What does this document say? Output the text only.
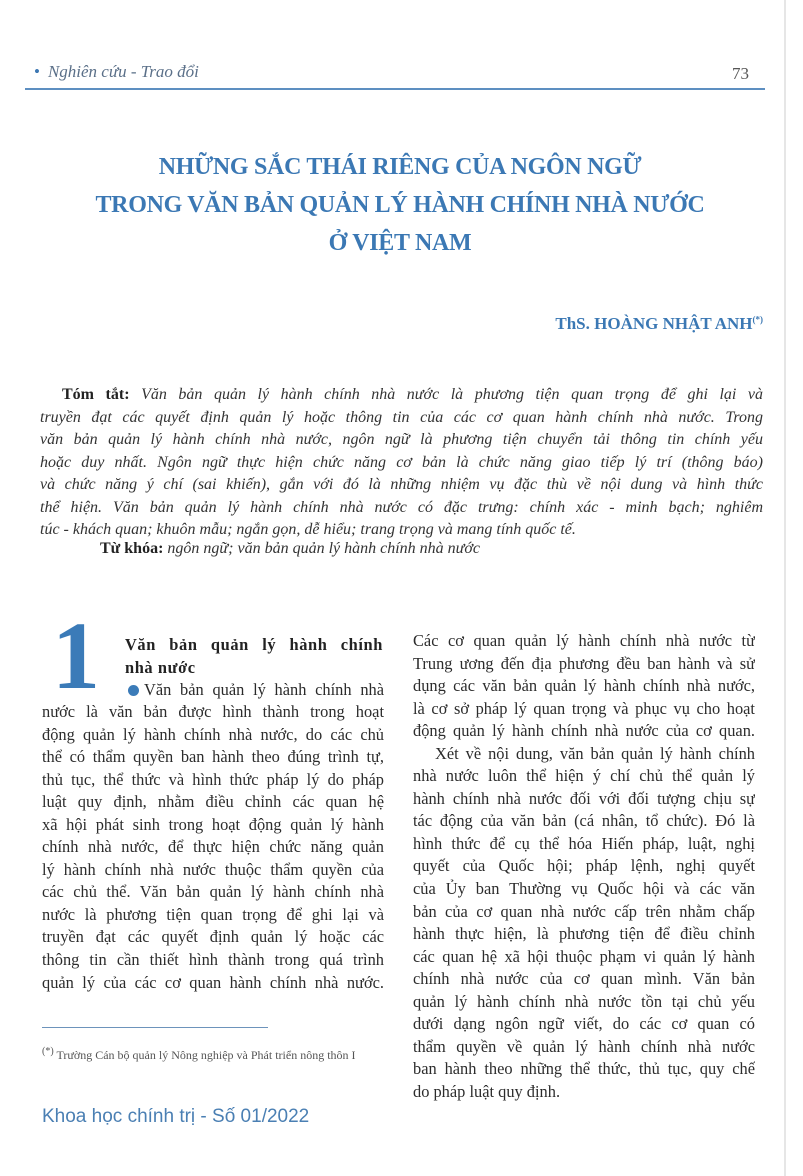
• Nghiên cứu - Trao đổi	73
NHỮNG SẮC THÁI RIÊNG CỦA NGÔN NGỮ
TRONG VĂN BẢN QUẢN LÝ HÀNH CHÍNH NHÀ NƯỚC
Ở VIỆT NAM
ThS. HOÀNG NHẬT ANH(*)
Tóm tắt: Văn bản quản lý hành chính nhà nước là phương tiện quan trọng để ghi lại và
truyền đạt các quyết định quản lý hoặc thông tin của các cơ quan hành chính nhà nước. Trong
văn bản quản lý hành chính nhà nước, ngôn ngữ là phương tiện chuyển tải thông tin chính yếu
hoặc duy nhất. Ngôn ngữ thực hiện chức năng cơ bản là chức năng giao tiếp lý trí (thông báo)
và chức năng ý chí (sai khiến), gắn với đó là những nhiệm vụ đặc thù về nội dung và hình thức
thể hiện. Văn bản quản lý hành chính nhà nước có đặc trưng: chính xác - minh bạch; nghiêm
túc - khách quan; khuôn mẫu; ngắn gọn, dễ hiểu; trang trọng và mang tính quốc tế.
Từ khóa: ngôn ngữ; văn bản quản lý hành chính nhà nước
1 Văn bản quản lý hành chính
nhà nước
Văn bản quản lý hành chính nhà
nước là văn bản được hình thành trong hoạt
động quản lý hành chính nhà nước, do các chủ
thể có thẩm quyền ban hành theo đúng trình tự,
thủ tục, thể thức và hình thức pháp lý do pháp
luật quy định, nhằm điều chỉnh các quan hệ
xã hội phát sinh trong hoạt động quản lý hành
chính nhà nước, để thực hiện chức năng quản
lý hành chính nhà nước thuộc thẩm quyền của
các chủ thể. Văn bản quản lý hành chính nhà
nước là phương tiện quan trọng để ghi lại và
truyền đạt các quyết định quản lý hoặc các
thông tin cần thiết hình thành trong quá trình
quản lý của các cơ quan hành chính nhà nước.
Các cơ quan quản lý hành chính nhà nước từ
Trung ương đến địa phương đều ban hành và sử
dụng các văn bản quản lý hành chính nhà nước,
là cơ sở pháp lý quan trọng và phục vụ cho hoạt
động quản lý hành chính nhà nước của cơ quan.
Xét về nội dung, văn bản quản lý hành chính
nhà nước luôn thể hiện ý chí chủ thể quản lý
hành chính nhà nước đối với đối tượng chịu sự
tác động của văn bản (cá nhân, tổ chức). Đó là
hình thức để cụ thể hóa Hiến pháp, luật, nghị
quyết của Quốc hội; pháp lệnh, nghị quyết
của Ủy ban Thường vụ Quốc hội và các văn
bản của cơ quan nhà nước cấp trên nhằm chấp
hành thực hiện, là phương tiện để điều chỉnh
các quan hệ xã hội thuộc phạm vi quản lý hành
chính nhà nước của cơ quan mình. Văn bản
quản lý hành chính nhà nước tồn tại chủ yếu
dưới dạng ngôn ngữ viết, do các cơ quan có
thẩm quyền về quản lý hành chính nhà nước
ban hành theo những thể thức, thủ tục, quy chế
do pháp luật quy định.
(*) Trường Cán bộ quản lý Nông nghiệp và Phát triển nông thôn I
Khoa học chính trị - Số 01/2022
